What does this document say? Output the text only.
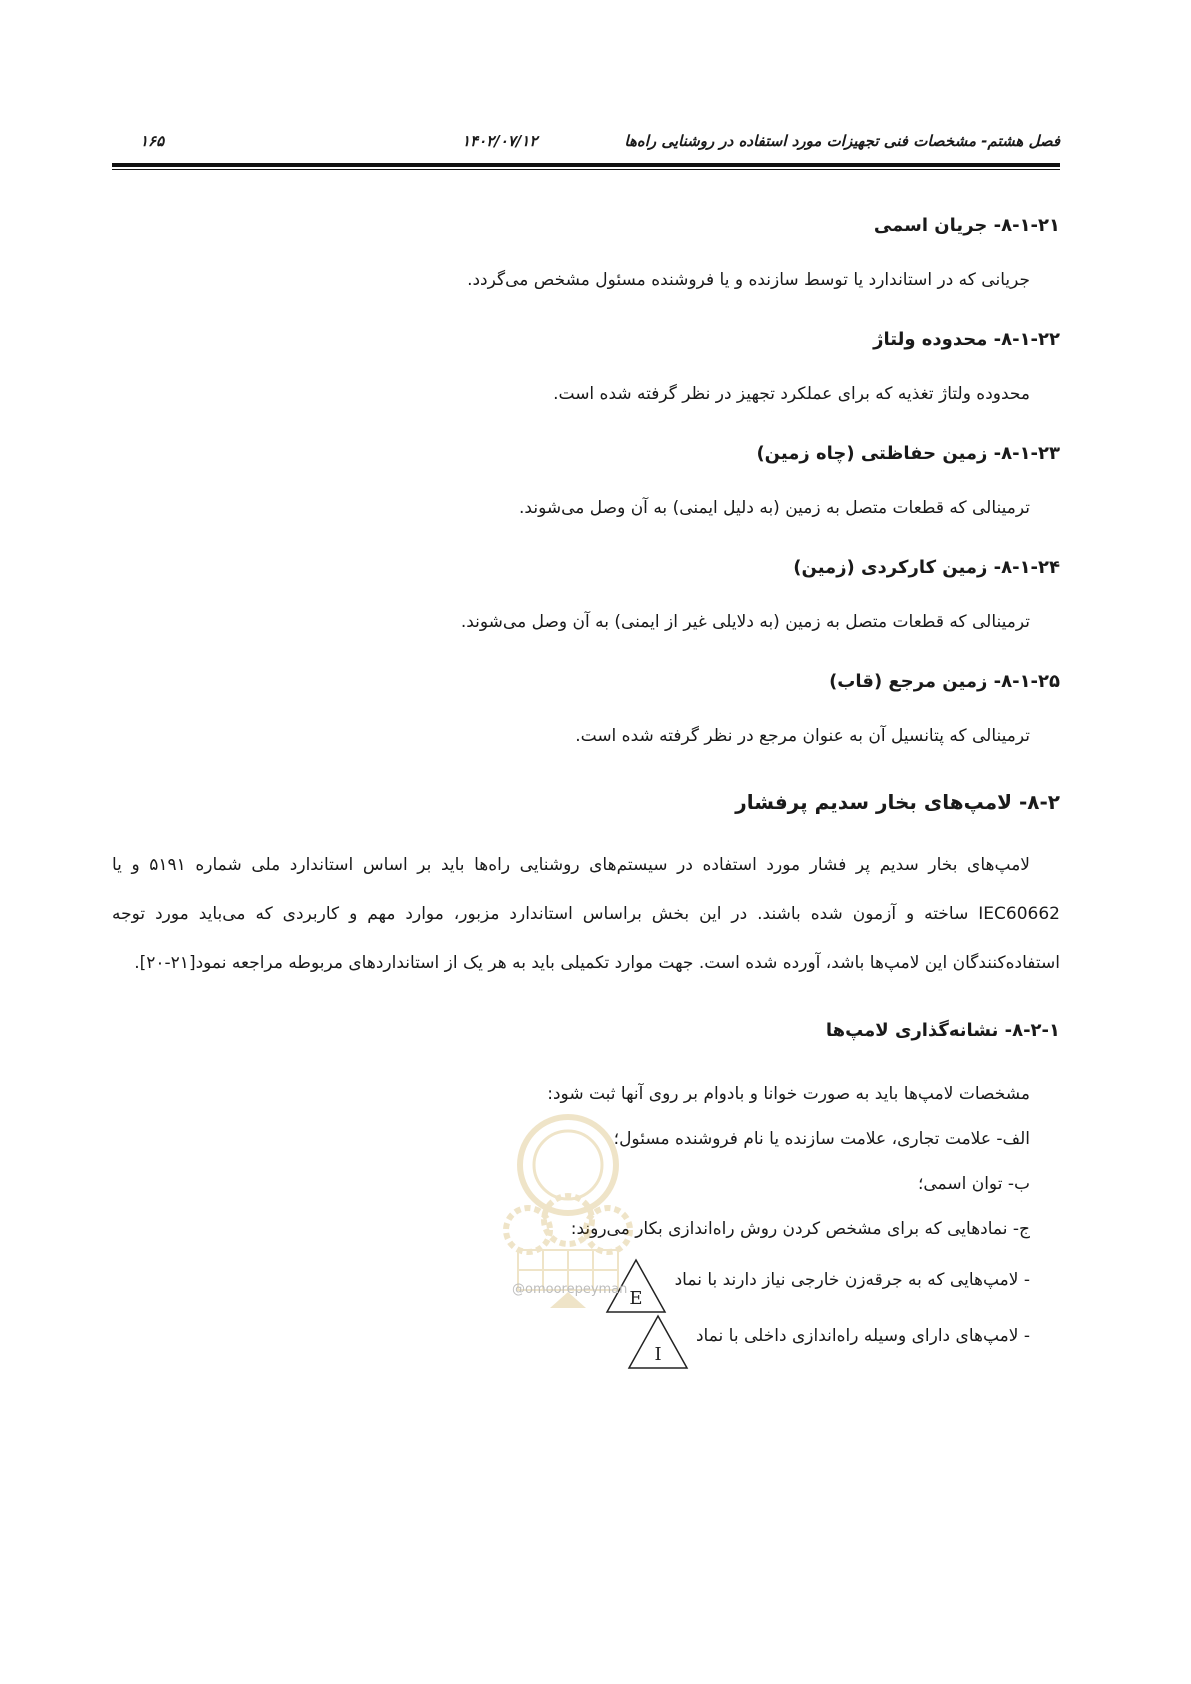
فصل هشتم- مشخصات فنی تجهیزات مورد استفاده در روشنایی راه‌ها
۱۴۰۲/۰۷/۱۲
۱۶۵
۸-۱-۲۱- جریان اسمی
جریانی که در استاندارد یا توسط سازنده و یا فروشنده مسئول مشخص می‌گردد.
۸-۱-۲۲- محدوده ولتاژ
محدوده ولتاژ تغذیه که برای عملکرد تجهیز در نظر گرفته شده است.
۸-۱-۲۳- زمین حفاظتی (چاه زمین)
ترمینالی که قطعات متصل به زمین (به دلیل ایمنی) به آن وصل می‌شوند.
۸-۱-۲۴- زمین کارکردی (زمین)
ترمینالی که قطعات متصل به زمین (به دلایلی غیر از ایمنی) به آن وصل می‌شوند.
۸-۱-۲۵- زمین مرجع (قاب)
ترمینالی که پتانسیل آن به عنوان مرجع در نظر گرفته شده است.
۸-۲- لامپ‌های بخار سدیم پرفشار
لامپ‌های بخار سدیم پر فشار مورد استفاده در سیستم‌های روشنایی راه‌ها باید بر اساس استاندارد ملی شماره ۵۱۹۱ و یا IEC60662 ساخته و آزمون شده باشند. در این بخش براساس استاندارد مزبور، موارد مهم و کاربردی که می‌باید مورد توجه استفاده‌کنندگان این لامپ‌ها باشد، آورده شده است. جهت موارد تکمیلی باید به هر یک از استانداردهای مربوطه مراجعه نمود[۲۱-۲۰].
۸-۲-۱- نشانه‌گذاری لامپ‌ها
مشخصات لامپ‌ها باید به صورت خوانا و بادوام بر روی آنها ثبت شود:
الف- علامت تجاری، علامت سازنده یا نام فروشنده مسئول؛
ب- توان اسمی؛
ج- نمادهایی که برای مشخص کردن روش راه‌اندازی بکار می‌روند:
- لامپ‌هایی که به جرقه‌زن خارجی نیاز دارند با نماد
E
- لامپ‌های دارای وسیله راه‌اندازی داخلی با نماد
I
@omoorepeyman
